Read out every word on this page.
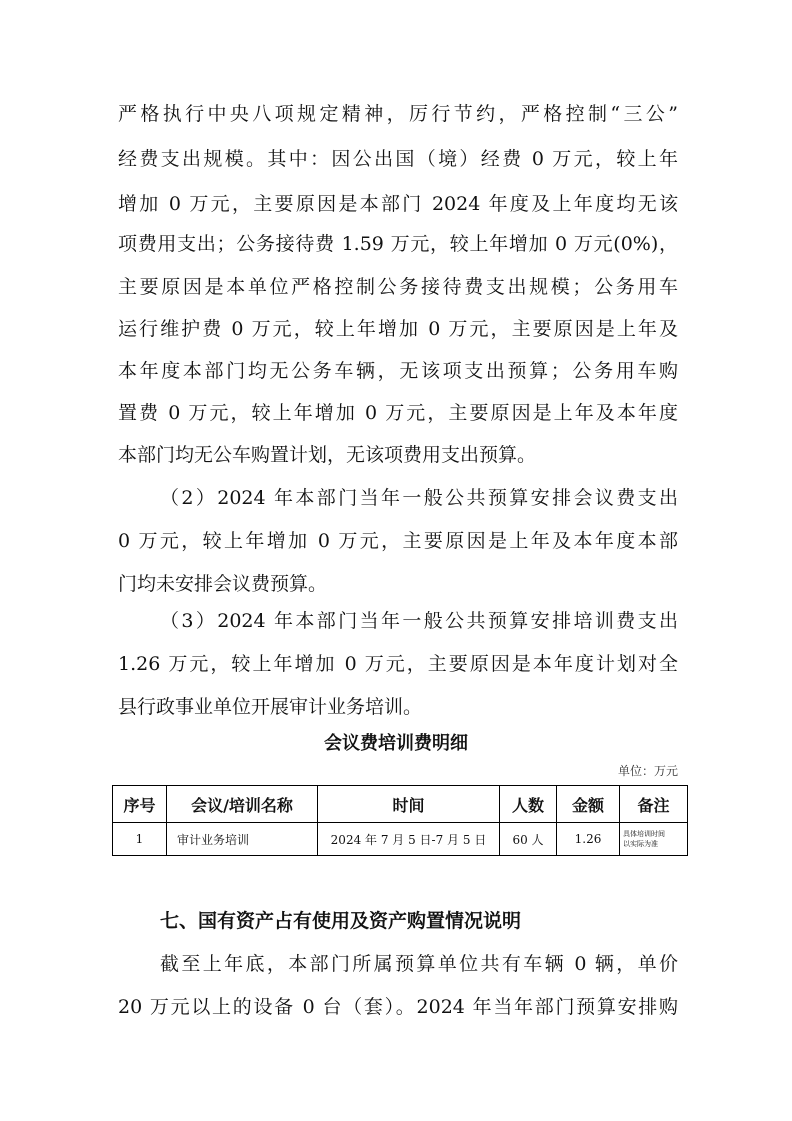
严格执行中央八项规定精神，厉行节约，严格控制“三公”
经费支出规模。其中：因公出国（境）经费 0 万元，较上年
增加 0 万元，主要原因是本部门 2024 年度及上年度均无该
项费用支出；公务接待费 1.59 万元，较上年增加 0 万元(0%)，
主要原因是本单位严格控制公务接待费支出规模；公务用车
运行维护费 0 万元，较上年增加 0 万元，主要原因是上年及
本年度本部门均无公务车辆，无该项支出预算；公务用车购
置费 0 万元，较上年增加 0 万元，主要原因是上年及本年度
本部门均无公车购置计划，无该项费用支出预算。
（2）2024 年本部门当年一般公共预算安排会议费支出
0 万元，较上年增加 0 万元，主要原因是上年及本年度本部
门均未安排会议费预算。
（3）2024 年本部门当年一般公共预算安排培训费支出
1.26 万元，较上年增加 0 万元，主要原因是本年度计划对全
县行政事业单位开展审计业务培训。
会议费培训费明细
单位：万元
序号	会议/培训名称	时间	人数	金额	备注
1	审计业务培训	2024 年 7 月 5 日-7 月 5 日	60 人	1.26	具体培训时间
以实际为准
七、国有资产占有使用及资产购置情况说明
截至上年底，本部门所属预算单位共有车辆 0 辆，单价
20 万元以上的设备 0 台（套）。2024 年当年部门预算安排购
